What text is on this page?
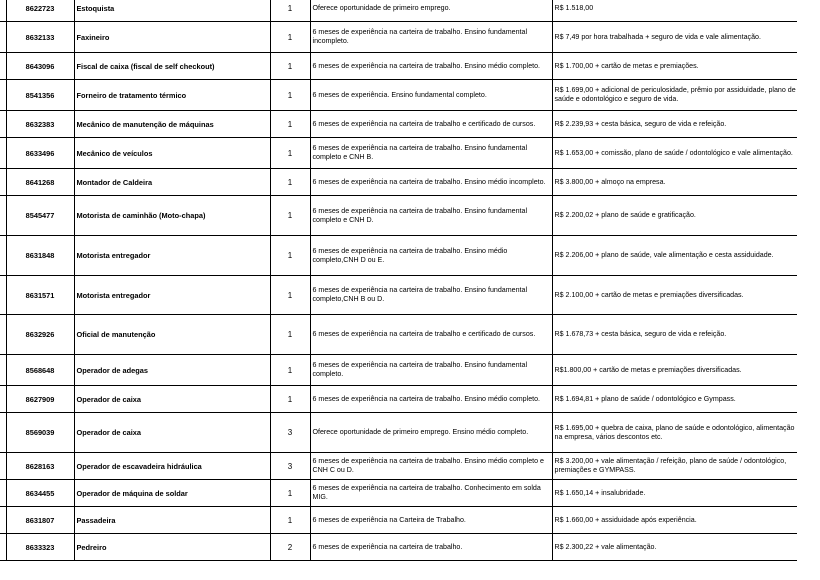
	8622723	Estoquista	1	Oferece oportunidade de primeiro emprego.	R$ 1.518,00
	8632133	Faxineiro	1	6 meses de experiência na carteira de trabalho. Ensino fundamental incompleto.	R$ 7,49 por hora trabalhada + seguro de vida e vale alimentação.
	8643096	Fiscal de caixa (fiscal de self checkout)	1	6 meses de experiência na carteira de trabalho. Ensino médio completo.	R$ 1.700,00 + cartão de metas e premiações.
	8541356	Forneiro de tratamento térmico	1	6 meses de experiência. Ensino fundamental completo.	R$ 1.699,00 + adicional de periculosidade, prêmio por assiduidade, plano de saúde e odontológico e seguro de vida.
	8632383	Mecânico de manutenção de máquinas	1	6 meses de experiência na carteira de trabalho e certificado de cursos.	R$ 2.239,93 + cesta básica, seguro de vida e refeição.
	8633496	Mecânico de veículos	1	6 meses de experiência na carteira de trabalho. Ensino fundamental completo e CNH B.	R$ 1.653,00 + comissão, plano de saúde / odontológico e vale alimentação.
	8641268	Montador de Caldeira	1	6 meses de experiência na carteira de trabalho. Ensino médio incompleto.	R$ 3.800,00 + almoço na empresa.
	8545477	Motorista de caminhão (Moto-chapa)	1	6 meses de experiência na carteira de trabalho. Ensino fundamental completo e CNH D.	R$ 2.200,02 + plano de saúde e gratificação.
	8631848	Motorista entregador	1	6 meses de experiência na carteira de trabalho. Ensino médio completo,CNH D ou E.	R$ 2.206,00 + plano de saúde, vale alimentação e cesta assiduidade.
	8631571	Motorista entregador	1	6 meses de experiência na carteira de trabalho. Ensino fundamental completo,CNH B ou D.	R$ 2.100,00 + cartão de metas e premiações diversificadas.
	8632926	Oficial de manutenção	1	6 meses de experiência na carteira de trabalho e certificado de cursos.	R$ 1.678,73 + cesta básica, seguro de vida e refeição.
	8568648	Operador de adegas	1	6 meses de experiência na carteira de trabalho. Ensino fundamental completo.	R$1.800,00 + cartão de metas e premiações diversificadas.
	8627909	Operador de caixa	1	6 meses de experiência na carteira de trabalho. Ensino médio completo.	R$ 1.694,81 + plano de saúde / odontológico e Gympass.
	8569039	Operador de caixa	3	Oferece oportunidade de primeiro emprego. Ensino médio completo.	R$ 1.695,00 + quebra de caixa, plano de saúde e odontológico, alimentação na empresa, vários descontos etc.
	8628163	Operador de escavadeira hidráulica	3	6 meses de experiência na carteira de trabalho. Ensino médio completo e CNH C ou D.	R$ 3.200,00 + vale alimentação / refeição, plano de saúde / odontológico, premiações e GYMPASS.
	8634455	Operador de máquina de soldar	1	6 meses de experiência na carteira de trabalho. Conhecimento em solda MIG.	R$ 1.650,14 + insalubridade.
	8631807	Passadeira	1	6 meses de experiência na Carteira de Trabalho.	R$ 1.660,00 + assiduidade após experiência.
	8633323	Pedreiro	2	6 meses de experiência na carteira de trabalho.	R$ 2.300,22 + vale alimentação.
